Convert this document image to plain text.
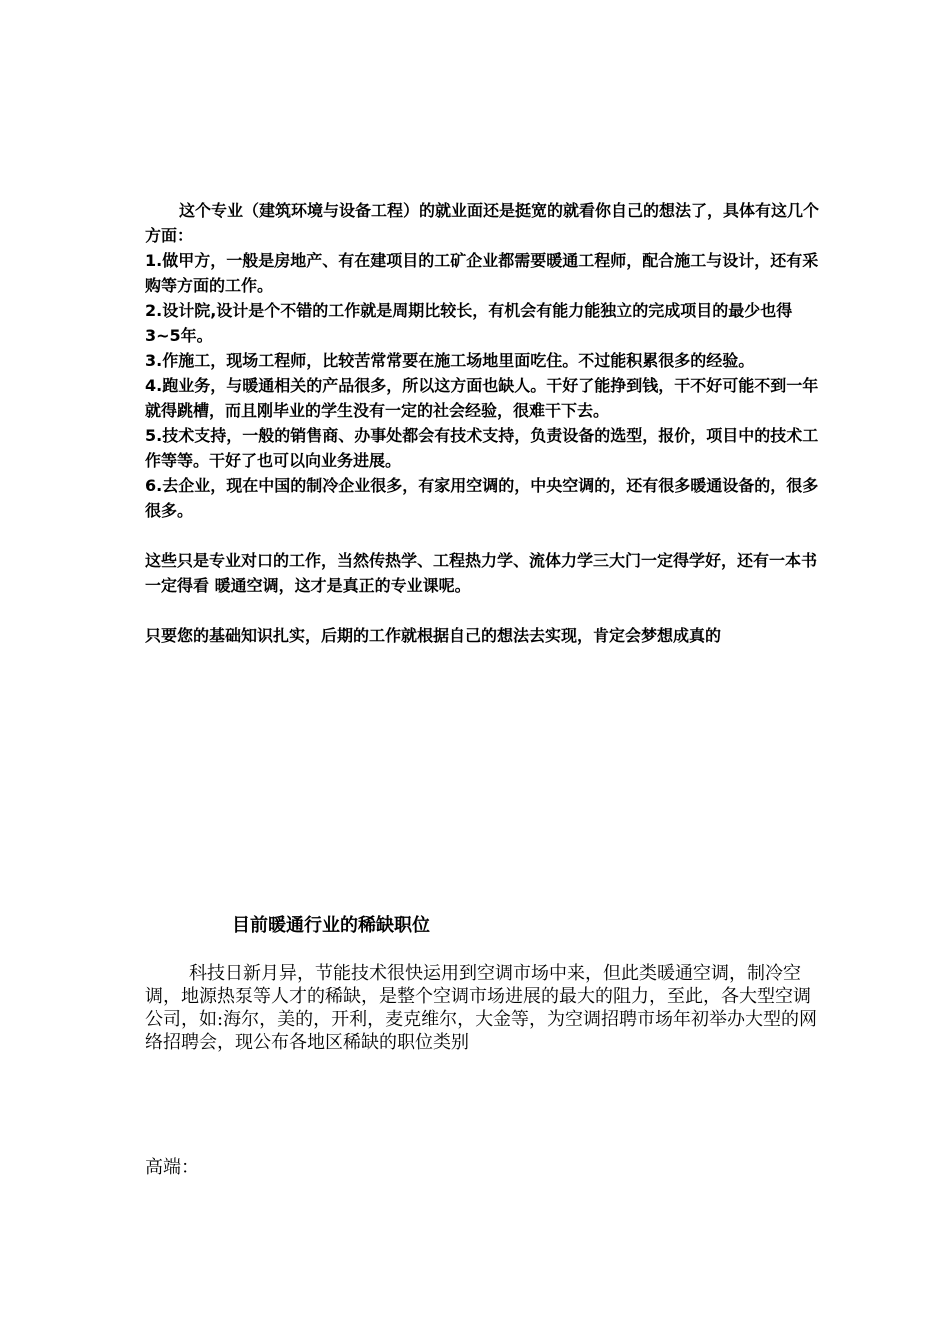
这个专业（建筑环境与设备工程）的就业面还是挺宽的就看你自己的想法了，具体有这几个方面：

1.做甲方，一般是房地产、有在建项目的工矿企业都需要暖通工程师，配合施工与设计，还有采购等方面的工作。

2.设计院,设计是个不错的工作就是周期比较长，有机会有能力能独立的完成项目的最少也得3~5年。

3.作施工，现场工程师，比较苦常常要在施工场地里面吃住。不过能积累很多的经验。

4.跑业务，与暖通相关的产品很多，所以这方面也缺人。干好了能挣到钱，干不好可能不到一年就得跳槽，而且刚毕业的学生没有一定的社会经验，很难干下去。

5.技术支持，一般的销售商、办事处都会有技术支持，负责设备的选型，报价，项目中的技术工作等等。干好了也可以向业务进展。

6.去企业，现在中国的制冷企业很多，有家用空调的，中央空调的，还有很多暖通设备的，很多很多。

这些只是专业对口的工作，当然传热学、工程热力学、流体力学三大门一定得学好，还有一本书一定得看 暖通空调，这才是真正的专业课呢。

只要您的基础知识扎实，后期的工作就根据自己的想法去实现，肯定会梦想成真的

目前暖通行业的稀缺职位

科技日新月异，节能技术很快运用到空调市场中来，但此类暖通空调，制冷空调，地源热泵等人才的稀缺，是整个空调市场进展的最大的阻力，至此，各大型空调公司，如:海尔，美的，开利，麦克维尔，大金等，为空调招聘市场年初举办大型的网络招聘会，现公布各地区稀缺的职位类别

高端：
